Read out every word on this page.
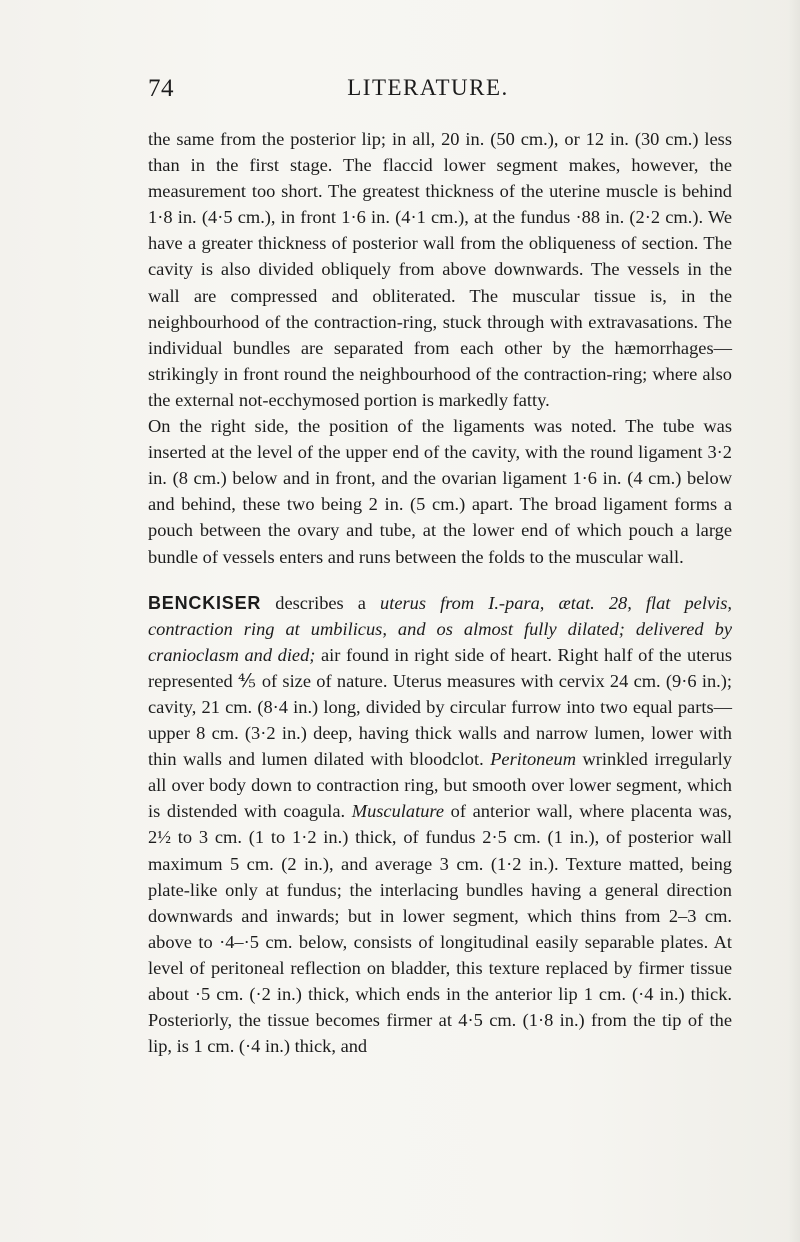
74	LITERATURE.

the same from the posterior lip; in all, 20 in. (50 cm.), or 12 in. (30 cm.) less than in the first stage. The flaccid lower segment makes, however, the measurement too short. The greatest thickness of the uterine muscle is behind 1·8 in. (4·5 cm.), in front 1·6 in. (4·1 cm.), at the fundus ·88 in. (2·2 cm.). We have a greater thickness of posterior wall from the obliqueness of section. The cavity is also divided obliquely from above downwards. The vessels in the wall are compressed and obliterated. The muscular tissue is, in the neighbourhood of the contraction-ring, stuck through with extravasations. The individual bundles are separated from each other by the hæmorrhages—strikingly in front round the neighbourhood of the contraction-ring; where also the external not-ecchymosed portion is markedly fatty.

On the right side, the position of the ligaments was noted. The tube was inserted at the level of the upper end of the cavity, with the round ligament 3·2 in. (8 cm.) below and in front, and the ovarian ligament 1·6 in. (4 cm.) below and behind, these two being 2 in. (5 cm.) apart. The broad ligament forms a pouch between the ovary and tube, at the lower end of which pouch a large bundle of vessels enters and runs between the folds to the muscular wall.

BENCKISER describes a uterus from I.-para, ætat. 28, flat pelvis, contraction ring at umbilicus, and os almost fully dilated; delivered by cranioclasm and died; air found in right side of heart. Right half of the uterus represented ⅘ of size of nature. Uterus measures with cervix 24 cm. (9·6 in.); cavity, 21 cm. (8·4 in.) long, divided by circular furrow into two equal parts—upper 8 cm. (3·2 in.) deep, having thick walls and narrow lumen, lower with thin walls and lumen dilated with bloodclot. Peritoneum wrinkled irregularly all over body down to contraction ring, but smooth over lower segment, which is distended with coagula. Musculature of anterior wall, where placenta was, 2½ to 3 cm. (1 to 1·2 in.) thick, of fundus 2·5 cm. (1 in.), of posterior wall maximum 5 cm. (2 in.), and average 3 cm. (1·2 in.). Texture matted, being plate-like only at fundus; the interlacing bundles having a general direction downwards and inwards; but in lower segment, which thins from 2–3 cm. above to ·4–·5 cm. below, consists of longitudinal easily separable plates. At level of peritoneal reflection on bladder, this texture replaced by firmer tissue about ·5 cm. (·2 in.) thick, which ends in the anterior lip 1 cm. (·4 in.) thick. Posteriorly, the tissue becomes firmer at 4·5 cm. (1·8 in.) from the tip of the lip, is 1 cm. (·4 in.) thick, and
